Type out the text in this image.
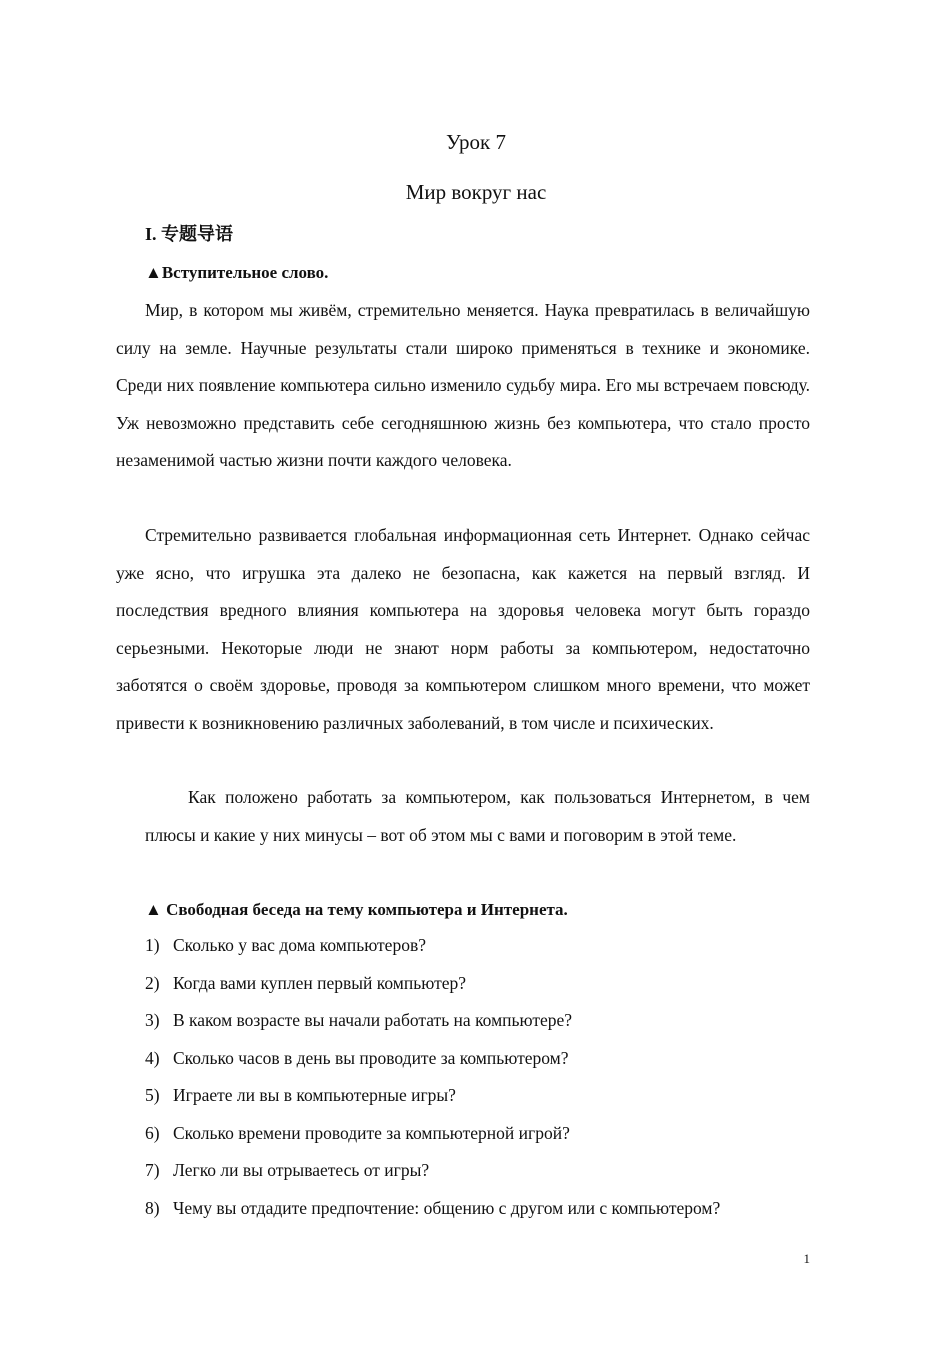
Урок 7
Мир вокруг нас
I. 专题导语
▲Вступительное слово.

Мир, в котором мы живём, стремительно меняется. Наука превратилась в величайшую силу на земле. Научные результаты стали широко применяться в технике и экономике. Среди них появление компьютера сильно изменило судьбу мира. Его мы встречаем повсюду. Уж невозможно представить себе сегодняшнюю жизнь без компьютера, что стало просто незаменимой частью жизни почти каждого человека.

Стремительно развивается глобальная информационная сеть Интернет. Однако сейчас уже ясно, что игрушка эта далеко не безопасна, как кажется на первый взгляд. И последствия вредного влияния компьютера на здоровья человека могут быть гораздо серьезными. Некоторые люди не знают норм работы за компьютером, недостаточно заботятся о своём здоровье, проводя за компьютером слишком много времени, что может привести к возникновению различных заболеваний, в том числе и психических.

Как положено работать за компьютером, как пользоваться Интернетом, в чем плюсы и какие у них минусы – вот об этом мы с вами и поговорим в этой теме.

▲ Свободная беседа на тему компьютера и Интернета.
1) Сколько у вас дома компьютеров?
2) Когда вами куплен первый компьютер?
3) В каком возрасте вы начали работать на компьютере?
4) Сколько часов в день вы проводите за компьютером?
5) Играете ли вы в компьютерные игры?
6) Сколько времени проводите за компьютерной игрой?
7) Легко ли вы отрываетесь от игры?
8) Чему вы отдадите предпочтение: общению с другом или с компьютером?
1
